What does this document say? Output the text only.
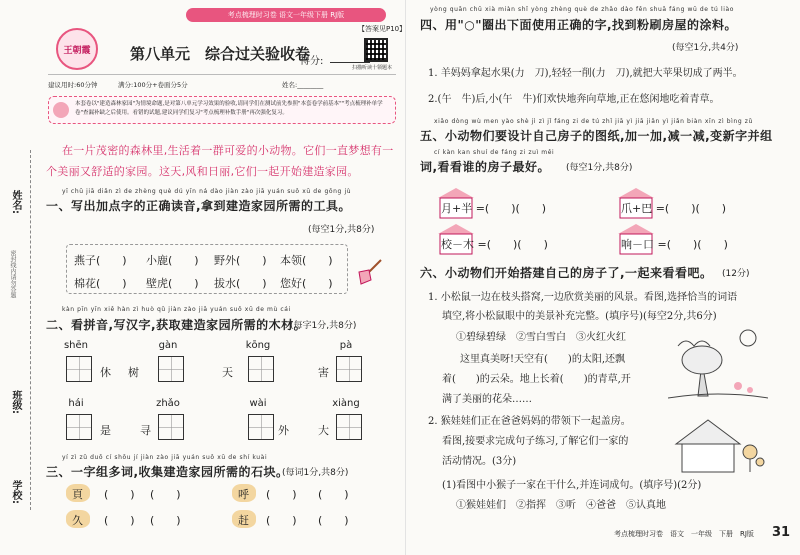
姓名:
密封线内请勿答题
班级:
学校:
考点梳理时习卷 语文一年级下册 RJ版
【答案见P10】
王朝霞	第八单元　综合过关验收卷
得分:
扫描听读十领题本
建议用时:60分钟	满分:100分+卷面分5分	姓名:________
本套卷以"建造森林家园"为情境命题,是对第八单元学习效果的验收,请同学们在测试前先参照"本套卷学前基本""考点梳理补单学卷"查漏补缺之后使用。看错的试题,建议同学们复习"考点梳理补数手册"再次强化复习。
在一片茂密的森林里,生活着一群可爱的小动物。它们一直梦想有一
个美丽又舒适的家园。这天,风和日丽,它们一起开始建造家园。
yī chū jiā diǎn zì de zhèng què dú yīn ná dào jiàn zào jiā yuán suǒ xū de gōng jù
一、写出加点字的正确读音,拿到建造家园所需的工具。
(每空1分,共8分)
燕子(　　) 小鹿(　　) 野外(　　) 本领(　　)
棉花(　　) 壁虎(　　) 拔水(　　) 您好(　　)
kàn pīn yīn xiě hàn zì huò qǔ jiàn zào jiā yuán suǒ xū de mù cái
二、看拼音,写汉字,获取建造家园所需的木材。
(每字1分,共8分)
shēn	gàn	kōng	pà
休 树	天	害
hái	zhǎo	wài	xiàng
是	寻	外	大
yí zì zǔ duō cí shōu jí jiàn zào jiā yuán suǒ xū de shí kuài
三、一字组多词,收集建造家园所需的石块。
(每词1分,共8分)
頁 (　　) (　　)	呼 (　　) (　　)
久 (　　) (　　)	赶 (　　) (　　)
yòng quān chū xià miàn shǐ yòng zhèng què de zhǎo dào fěn shuā fáng wū de tú liào
四、用"○"圈出下面使用正确的字,找到粉刷房屋的涂料。
(每空1分,共4分)
1. 羊妈妈拿起水果(力　刀),轻轻一削(力　刀),就把大苹果切成了两半。
2.(午　牛)后,小(午　牛)们欢快地奔向草地,正在悠闲地吃着青草。
xiǎo dòng wù men yào shè jì zì jǐ fáng zi de tú zhǐ jiā yì jiā jiǎn yì jiǎn biàn xīn zì bìng zǔ
五、小动物们要设计自己房子的图纸,加一加,减一减,变新字并组
cí kàn kan shuí de fáng zi zuì měi
词,看看谁的房子最好。 (每空1分,共8分)
月+半 =(　　)(　　)	爪+巴 =(　　)(　　)
校－木 =(　　)(　　)	响－口 =(　　)(　　)
六、小动物们开始搭建自己的房子了,一起来看看吧。 (12分)
1. 小松鼠一边在枝头搭窝,一边欣赏美丽的风景。看图,选择恰当的词语
填空,将小松鼠眼中的美景补充完整。(填序号)(每空2分,共6分)
①碧绿碧绿　②雪白雪白　③火红火红
这里真美呀!天空有(　　)的太阳,还飘
着(　　)的云朵。地上长着(　　)的青草,开
满了美丽的花朵……
2. 猴娃娃们正在爸爸妈妈的带领下一起盖房。
看图,接要求完成句子练习,了解它们一家的
活动情况。(3分)
(1)看图中小猴子一家在干什么,并连词成句。(填序号)(2分)
①猴娃娃们　②指挥　③听　④爸爸　⑤认真地
考点梳理时习卷　语文　一年级　下册　RJ版 31
